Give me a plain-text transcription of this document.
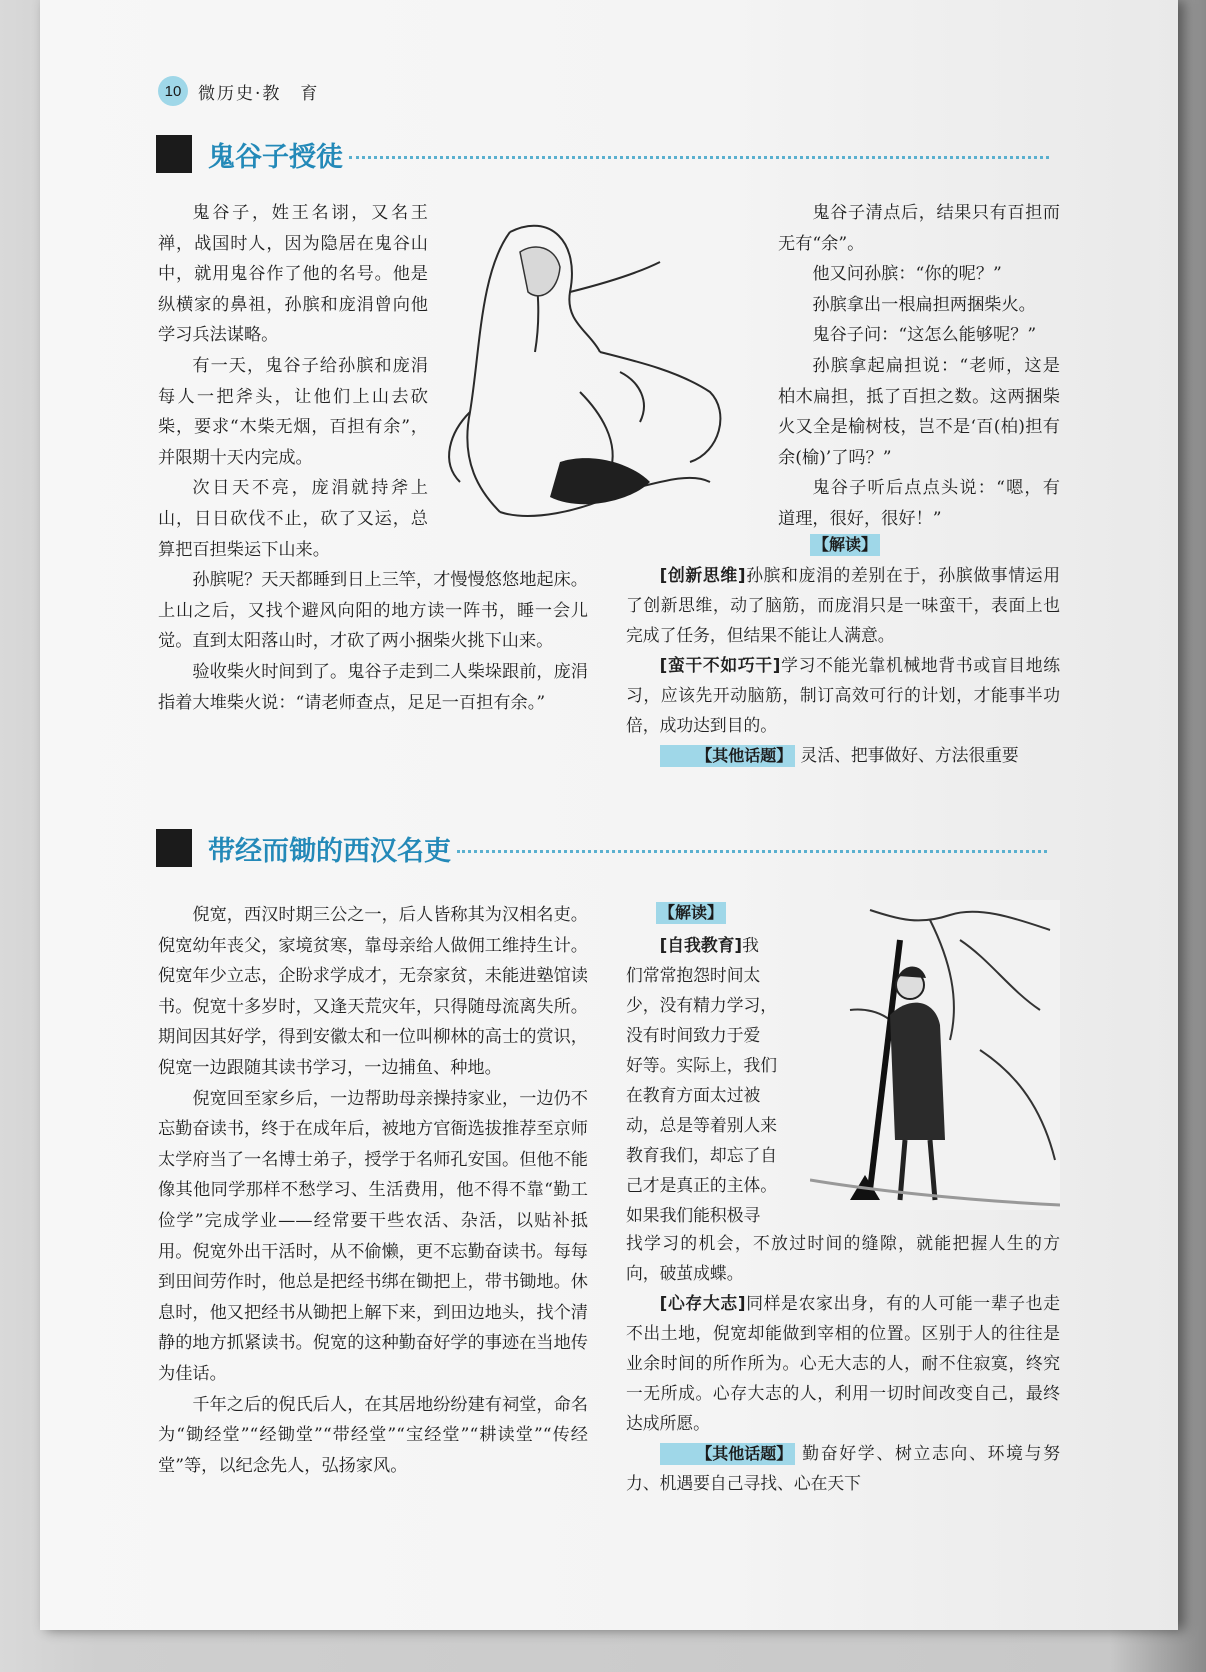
10 微历史·教　育
鬼谷子授徒

鬼谷子，姓王名诩，又名王禅，战国时人，因为隐居在鬼谷山中，就用鬼谷作了他的名号。他是纵横家的鼻祖，孙膑和庞涓曾向他学习兵法谋略。

有一天，鬼谷子给孙膑和庞涓每人一把斧头，让他们上山去砍柴，要求“木柴无烟，百担有余”，并限期十天内完成。

次日天不亮，庞涓就持斧上山，日日砍伐不止，砍了又运，总算把百担柴运下山来。

孙膑呢？天天都睡到日上三竿，才慢慢悠悠地起床。上山之后，又找个避风向阳的地方读一阵书，睡一会儿觉。直到太阳落山时，才砍了两小捆柴火挑下山来。

验收柴火时间到了。鬼谷子走到二人柴垛跟前，庞涓指着大堆柴火说：“请老师查点，足足一百担有余。”

鬼谷子清点后，结果只有百担而无有“余”。

他又问孙膑：“你的呢？”

孙膑拿出一根扁担两捆柴火。

鬼谷子问：“这怎么能够呢？”

孙膑拿起扁担说：“老师，这是柏木扁担，抵了百担之数。这两捆柴火又全是榆树枝，岂不是‘百(柏)担有余(榆)’了吗？”

鬼谷子听后点点头说：“嗯，有道理，很好，很好！”

【解读】

[创新思维]孙膑和庞涓的差别在于，孙膑做事情运用了创新思维，动了脑筋，而庞涓只是一味蛮干，表面上也完成了任务，但结果不能让人满意。

[蛮干不如巧干]学习不能光靠机械地背书或盲目地练习，应该先开动脑筋，制订高效可行的计划，才能事半功倍，成功达到目的。

【其他话题】 灵活、把事做好、方法很重要

带经而锄的西汉名吏

倪宽，西汉时期三公之一，后人皆称其为汉相名吏。倪宽幼年丧父，家境贫寒，靠母亲给人做佣工维持生计。倪宽年少立志，企盼求学成才，无奈家贫，未能进塾馆读书。倪宽十多岁时，又逢天荒灾年，只得随母流离失所。期间因其好学，得到安徽太和一位叫柳林的高士的赏识，倪宽一边跟随其读书学习，一边捕鱼、种地。

倪宽回至家乡后，一边帮助母亲操持家业，一边仍不忘勤奋读书，终于在成年后，被地方官衙选拔推荐至京师太学府当了一名博士弟子，授学于名师孔安国。但他不能像其他同学那样不愁学习、生活费用，他不得不靠“勤工俭学”完成学业——经常要干些农活、杂活，以贴补抵用。倪宽外出干活时，从不偷懒，更不忘勤奋读书。每每到田间劳作时，他总是把经书绑在锄把上，带书锄地。休息时，他又把经书从锄把上解下来，到田边地头，找个清静的地方抓紧读书。倪宽的这种勤奋好学的事迹在当地传为佳话。

千年之后的倪氏后人，在其居地纷纷建有祠堂，命名为“锄经堂”“经锄堂”“带经堂”“宝经堂”“耕读堂”“传经堂”等，以纪念先人，弘扬家风。

【解读】
[自我教育]我
们常常抱怨时间太
少，没有精力学习，
没有时间致力于爱
好等。实际上，我们
在教育方面太过被
动，总是等着别人来
教育我们，却忘了自
己才是真正的主体。
如果我们能积极寻

找学习的机会，不放过时间的缝隙，就能把握人生的方向，破茧成蝶。

[心存大志]同样是农家出身，有的人可能一辈子也走不出土地，倪宽却能做到宰相的位置。区别于人的往往是业余时间的所作所为。心无大志的人，耐不住寂寞，终究一无所成。心存大志的人，利用一切时间改变自己，最终达成所愿。

【其他话题】 勤奋好学、树立志向、环境与努力、机遇要自己寻找、心在天下
